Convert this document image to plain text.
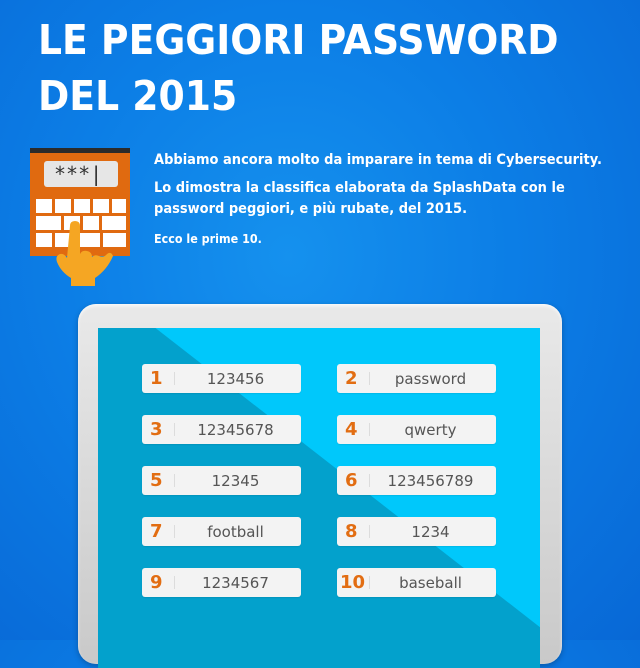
LE PEGGIORI PASSWORD
DEL 2015
***|

Abbiamo ancora molto da imparare in tema di Cybersecurity.

Lo dimostra la classifica elaborata da SplashData con le
password peggiori, e più rubate, del 2015.

Ecco le prime 10.

1	123456	2	password
3	12345678	4	qwerty
5	12345	6	123456789
7	football	8	1234
9	1234567	10	baseball
